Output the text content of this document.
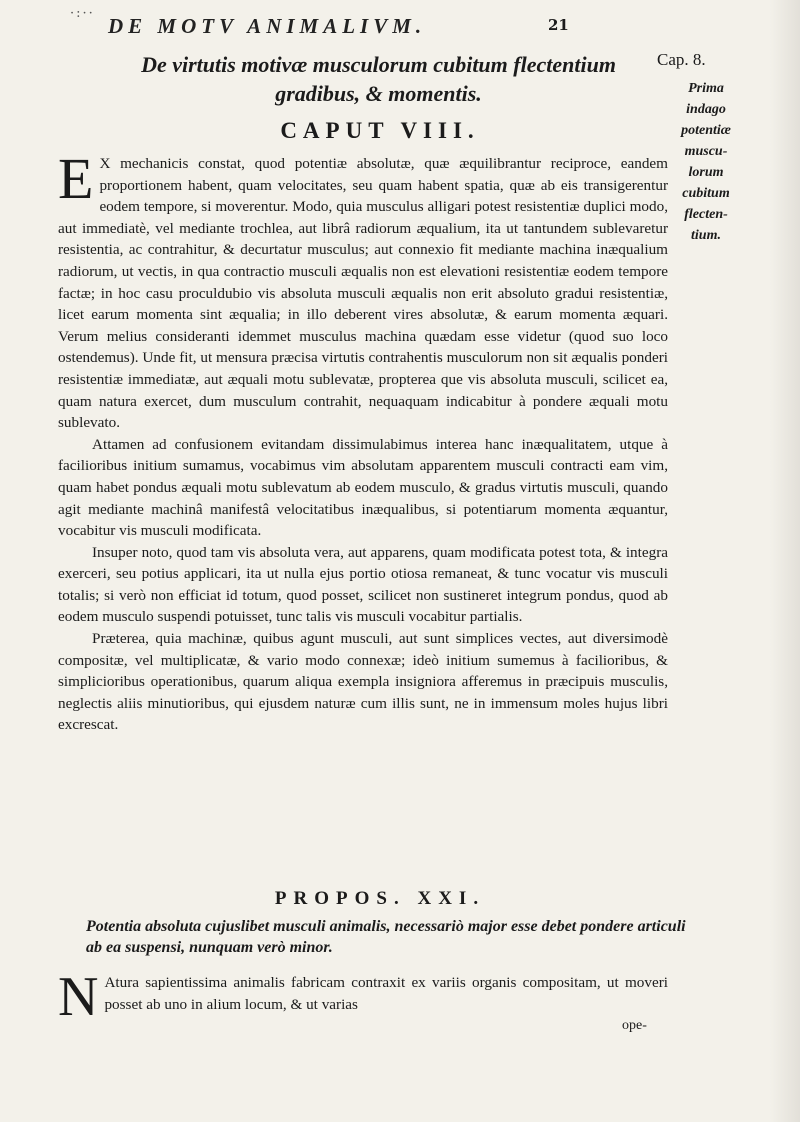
·:··
DE MOTV ANIMALIVM.	21
Cap. 8.
Prima
indago
potentiæ
muscu-
lorum
cubitum
flecten-
tium.
De virtutis motivæ musculorum cubitum flectentium
gradibus, & momentis.
CAPUT VIII.

E X mechanicis constat, quod potentiæ absolutæ, quæ æquilibrantur reciproce, eandem proportionem habent, quam velocitates, seu quam habent spatia, quæ ab eis transigerentur eodem tempore, si moverentur. Modo, quia musculus alligari potest resistentiæ duplici modo, aut immediatè, vel mediante trochlea, aut librâ radiorum æqualium, ita ut tantundem sublevaretur resistentia, ac contrahitur, & decurtatur musculus; aut connexio fit mediante machina inæqualium radiorum, ut vectis, in qua contractio musculi æqualis non est elevationi resistentiæ eodem tempore factæ; in hoc casu proculdubio vis absoluta musculi æqualis non erit absoluto gradui resistentiæ, licet earum momenta sint æqualia; in illo deberent vires absolutæ, & earum momenta æquari. Verum melius consideranti idemmet musculus machina quædam esse videtur (quod suo loco ostendemus). Unde fit, ut mensura præcisa virtutis contrahentis musculorum non sit æqualis ponderi resistentiæ immediatæ, aut æquali motu sublevatæ, propterea que vis absoluta musculi, scilicet ea, quam natura exercet, dum musculum contrahit, nequaquam indicabitur à pondere æquali motu sublevato.

Attamen ad confusionem evitandam dissimulabimus interea hanc inæqualitatem, utque à facilioribus initium sumamus, vocabimus vim absolutam apparentem musculi contracti eam vim, quam habet pondus æquali motu sublevatum ab eodem musculo, & gradus virtutis musculi, quando agit mediante machinâ manifestâ velocitatibus inæqualibus, si potentiarum momenta æquantur, vocabitur vis musculi modificata.

Insuper noto, quod tam vis absoluta vera, aut apparens, quam modificata potest tota, & integra exerceri, seu potius applicari, ita ut nulla ejus portio otiosa remaneat, & tunc vocatur vis musculi totalis; si verò non efficiat id totum, quod posset, scilicet non sustineret integrum pondus, quod ab eodem musculo suspendi potuisset, tunc talis vis musculi vocabitur partialis.

Præterea, quia machinæ, quibus agunt musculi, aut sunt simplices vectes, aut diversimodè compositæ, vel multiplicatæ, & vario modo connexæ; ideò initium sumemus à facilioribus, & simplicioribus operationibus, quarum aliqua exempla insigniora afferemus in præcipuis musculis, neglectis aliis minutioribus, qui ejusdem naturæ cum illis sunt, ne in immensum moles hujus libri excrescat.

PROPOS. XXI.
Potentia absoluta cujuslibet musculi animalis, necessariò major esse debet pondere articuli ab ea suspensi, nunquam verò minor.
N Atura sapientissima animalis fabricam contraxit ex variis organis compositam, ut moveri posset ab uno in alium locum, & ut varias
ope-
